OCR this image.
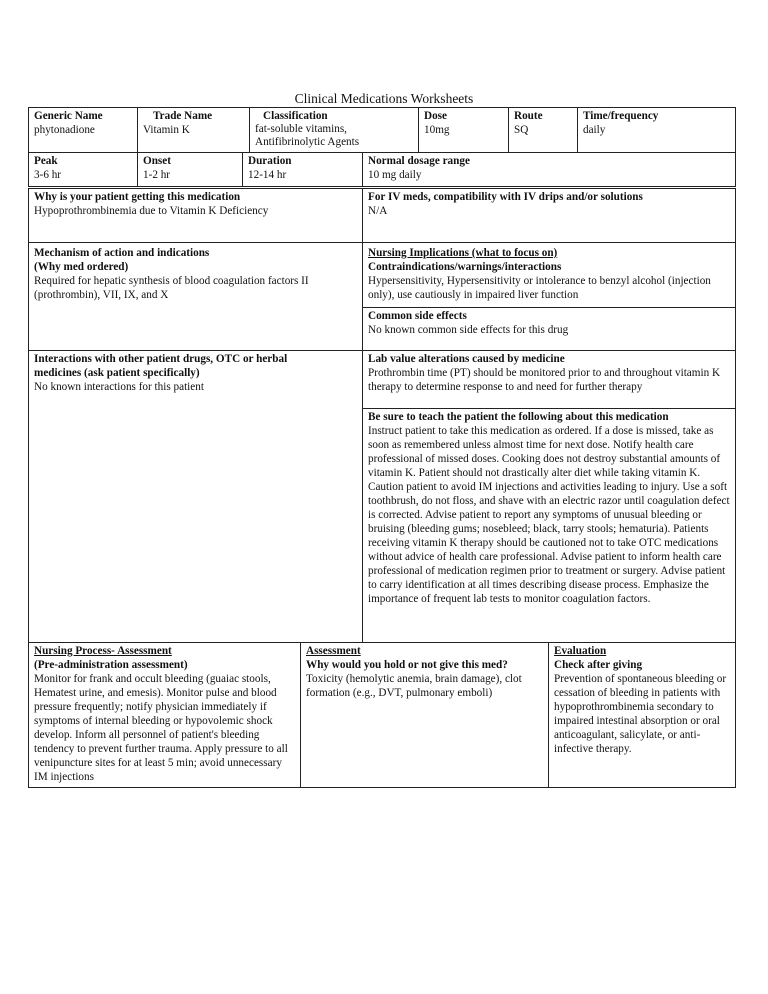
Clinical Medications Worksheets
Generic Name
phytonadione
Trade Name
Vitamin K
Classification
fat-soluble vitamins,
Antifibrinolytic Agents
Dose
10mg
Route
SQ
Time/frequency
daily
Peak
3-6 hr
Onset
1-2 hr
Duration
12-14 hr
Normal dosage range
10 mg daily
Why is your patient getting this medication
Hypoprothrombinemia due to Vitamin K Deficiency
For IV meds, compatibility with IV drips and/or solutions
N/A
Mechanism of action and indications
(Why med ordered)
Required for hepatic synthesis of blood coagulation factors II (prothrombin), VII, IX, and X
Nursing Implications (what to focus on)
Contraindications/warnings/interactions
Hypersensitivity, Hypersensitivity or intolerance to benzyl alcohol (injection only), use cautiously in impaired liver function
Common side effects
No known common side effects for this drug
Interactions with other patient drugs, OTC or herbal
medicines (ask patient specifically)
No known interactions for this patient
Lab value alterations caused by medicine
Prothrombin time (PT) should be monitored prior to and throughout vitamin K therapy to determine response to and need for further therapy
Be sure to teach the patient the following about this medication
Instruct patient to take this medication as ordered. If a dose is missed, take as soon as remembered unless almost time for next dose. Notify health care professional of missed doses. Cooking does not destroy substantial amounts of vitamin K. Patient should not drastically alter diet while taking vitamin K. Caution patient to avoid IM injections and activities leading to injury. Use a soft toothbrush, do not floss, and shave with an electric razor until coagulation defect is corrected. Advise patient to report any symptoms of unusual bleeding or bruising (bleeding gums; nosebleed; black, tarry stools; hematuria). Patients receiving vitamin K therapy should be cautioned not to take OTC medications without advice of health care professional. Advise patient to inform health care professional of medication regimen prior to treatment or surgery. Advise patient to carry identification at all times describing disease process. Emphasize the importance of frequent lab tests to monitor coagulation factors.
Nursing Process- Assessment
(Pre-administration assessment)
Monitor for frank and occult bleeding (guaiac stools, Hematest urine, and emesis). Monitor pulse and blood pressure frequently; notify physician immediately if symptoms of internal bleeding or hypovolemic shock develop. Inform all personnel of patient's bleeding tendency to prevent further trauma. Apply pressure to all venipuncture sites for at least 5 min; avoid unnecessary IM injections
Assessment
Why would you hold or not give this med?
Toxicity (hemolytic anemia, brain damage), clot formation (e.g., DVT, pulmonary emboli)
Evaluation
Check after giving
Prevention of spontaneous bleeding or cessation of bleeding in patients with hypoprothrombinemia secondary to impaired intestinal absorption or oral anticoagulant, salicylate, or anti-infective therapy.
